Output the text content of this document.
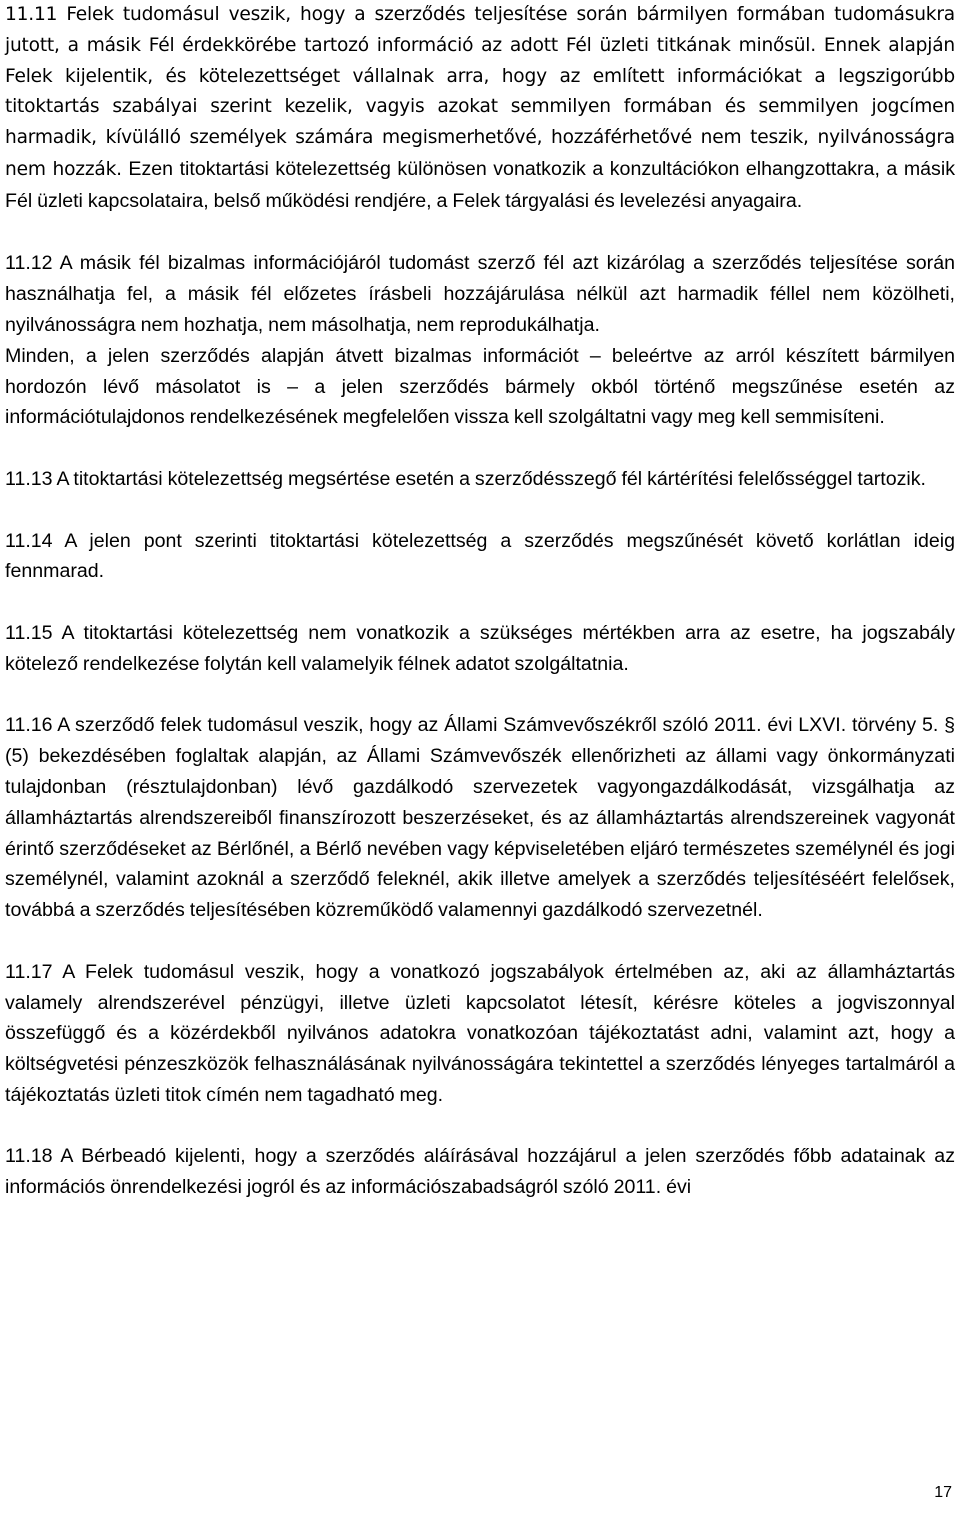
11.11 Felek tudomásul veszik, hogy a szerződés teljesítése során bármilyen formában tudomásukra jutott, a másik Fél érdekkörébe tartozó információ az adott Fél üzleti titkának minősül. Ennek alapján Felek kijelentik, és kötelezettséget vállalnak arra, hogy az említett információkat a legszigorúbb titoktartás szabályai szerint kezelik, vagyis azokat semmilyen formában és semmilyen jogcímen harmadik, kívülálló személyek számára megismerhetővé, hozzáférhetővé nem teszik, nyilvánosságra nem hozzák. Ezen titoktartási kötelezettség különösen vonatkozik a konzultációkon elhangzottakra, a másik Fél üzleti kapcsolataira, belső működési rendjére, a Felek tárgyalási és levelezési anyagaira.

11.12 A másik fél bizalmas információjáról tudomást szerző fél azt kizárólag a szerződés teljesítése során használhatja fel, a másik fél előzetes írásbeli hozzájárulása nélkül azt harmadik féllel nem közölheti, nyilvánosságra nem hozhatja, nem másolhatja, nem reprodukálhatja.

Minden, a jelen szerződés alapján átvett bizalmas információt – beleértve az arról készített bármilyen hordozón lévő másolatot is – a jelen szerződés bármely okból történő megszűnése esetén az információtulajdonos rendelkezésének megfelelően vissza kell szolgáltatni vagy meg kell semmisíteni.

11.13 A titoktartási kötelezettség megsértése esetén a szerződésszegő fél kártérítési felelősséggel tartozik.

11.14 A jelen pont szerinti titoktartási kötelezettség a szerződés megszűnését követő korlátlan ideig fennmarad.

11.15 A titoktartási kötelezettség nem vonatkozik a szükséges mértékben arra az esetre, ha jogszabály kötelező rendelkezése folytán kell valamelyik félnek adatot szolgáltatnia.

11.16 A szerződő felek tudomásul veszik, hogy az Állami Számvevőszékről szóló 2011. évi LXVI. törvény 5. § (5) bekezdésében foglaltak alapján, az Állami Számvevőszék ellenőrizheti az állami vagy önkormányzati tulajdonban (résztulajdonban) lévő gazdálkodó szervezetek vagyongazdálkodását, vizsgálhatja az államháztartás alrendszereiből finanszírozott beszerzéseket, és az államháztartás alrendszereinek vagyonát érintő szerződéseket az Bérlőnél, a Bérlő nevében vagy képviseletében eljáró természetes személynél és jogi személynél, valamint azoknál a szerződő feleknél, akik illetve amelyek a szerződés teljesítéséért felelősek, továbbá a szerződés teljesítésében közreműködő valamennyi gazdálkodó szervezetnél.

11.17 A Felek tudomásul veszik, hogy a vonatkozó jogszabályok értelmében az, aki az államháztartás valamely alrendszerével pénzügyi, illetve üzleti kapcsolatot létesít, kérésre köteles a jogviszonnyal összefüggő és a közérdekből nyilvános adatokra vonatkozóan tájékoztatást adni, valamint azt, hogy a költségvetési pénzeszközök felhasználásának nyilvánosságára tekintettel a szerződés lényeges tartalmáról a tájékoztatás üzleti titok címén nem tagadható meg.

11.18 A Bérbeadó kijelenti, hogy a szerződés aláírásával hozzájárul a jelen szerződés főbb adatainak az információs önrendelkezési jogról és az információszabadságról szóló 2011. évi

17
